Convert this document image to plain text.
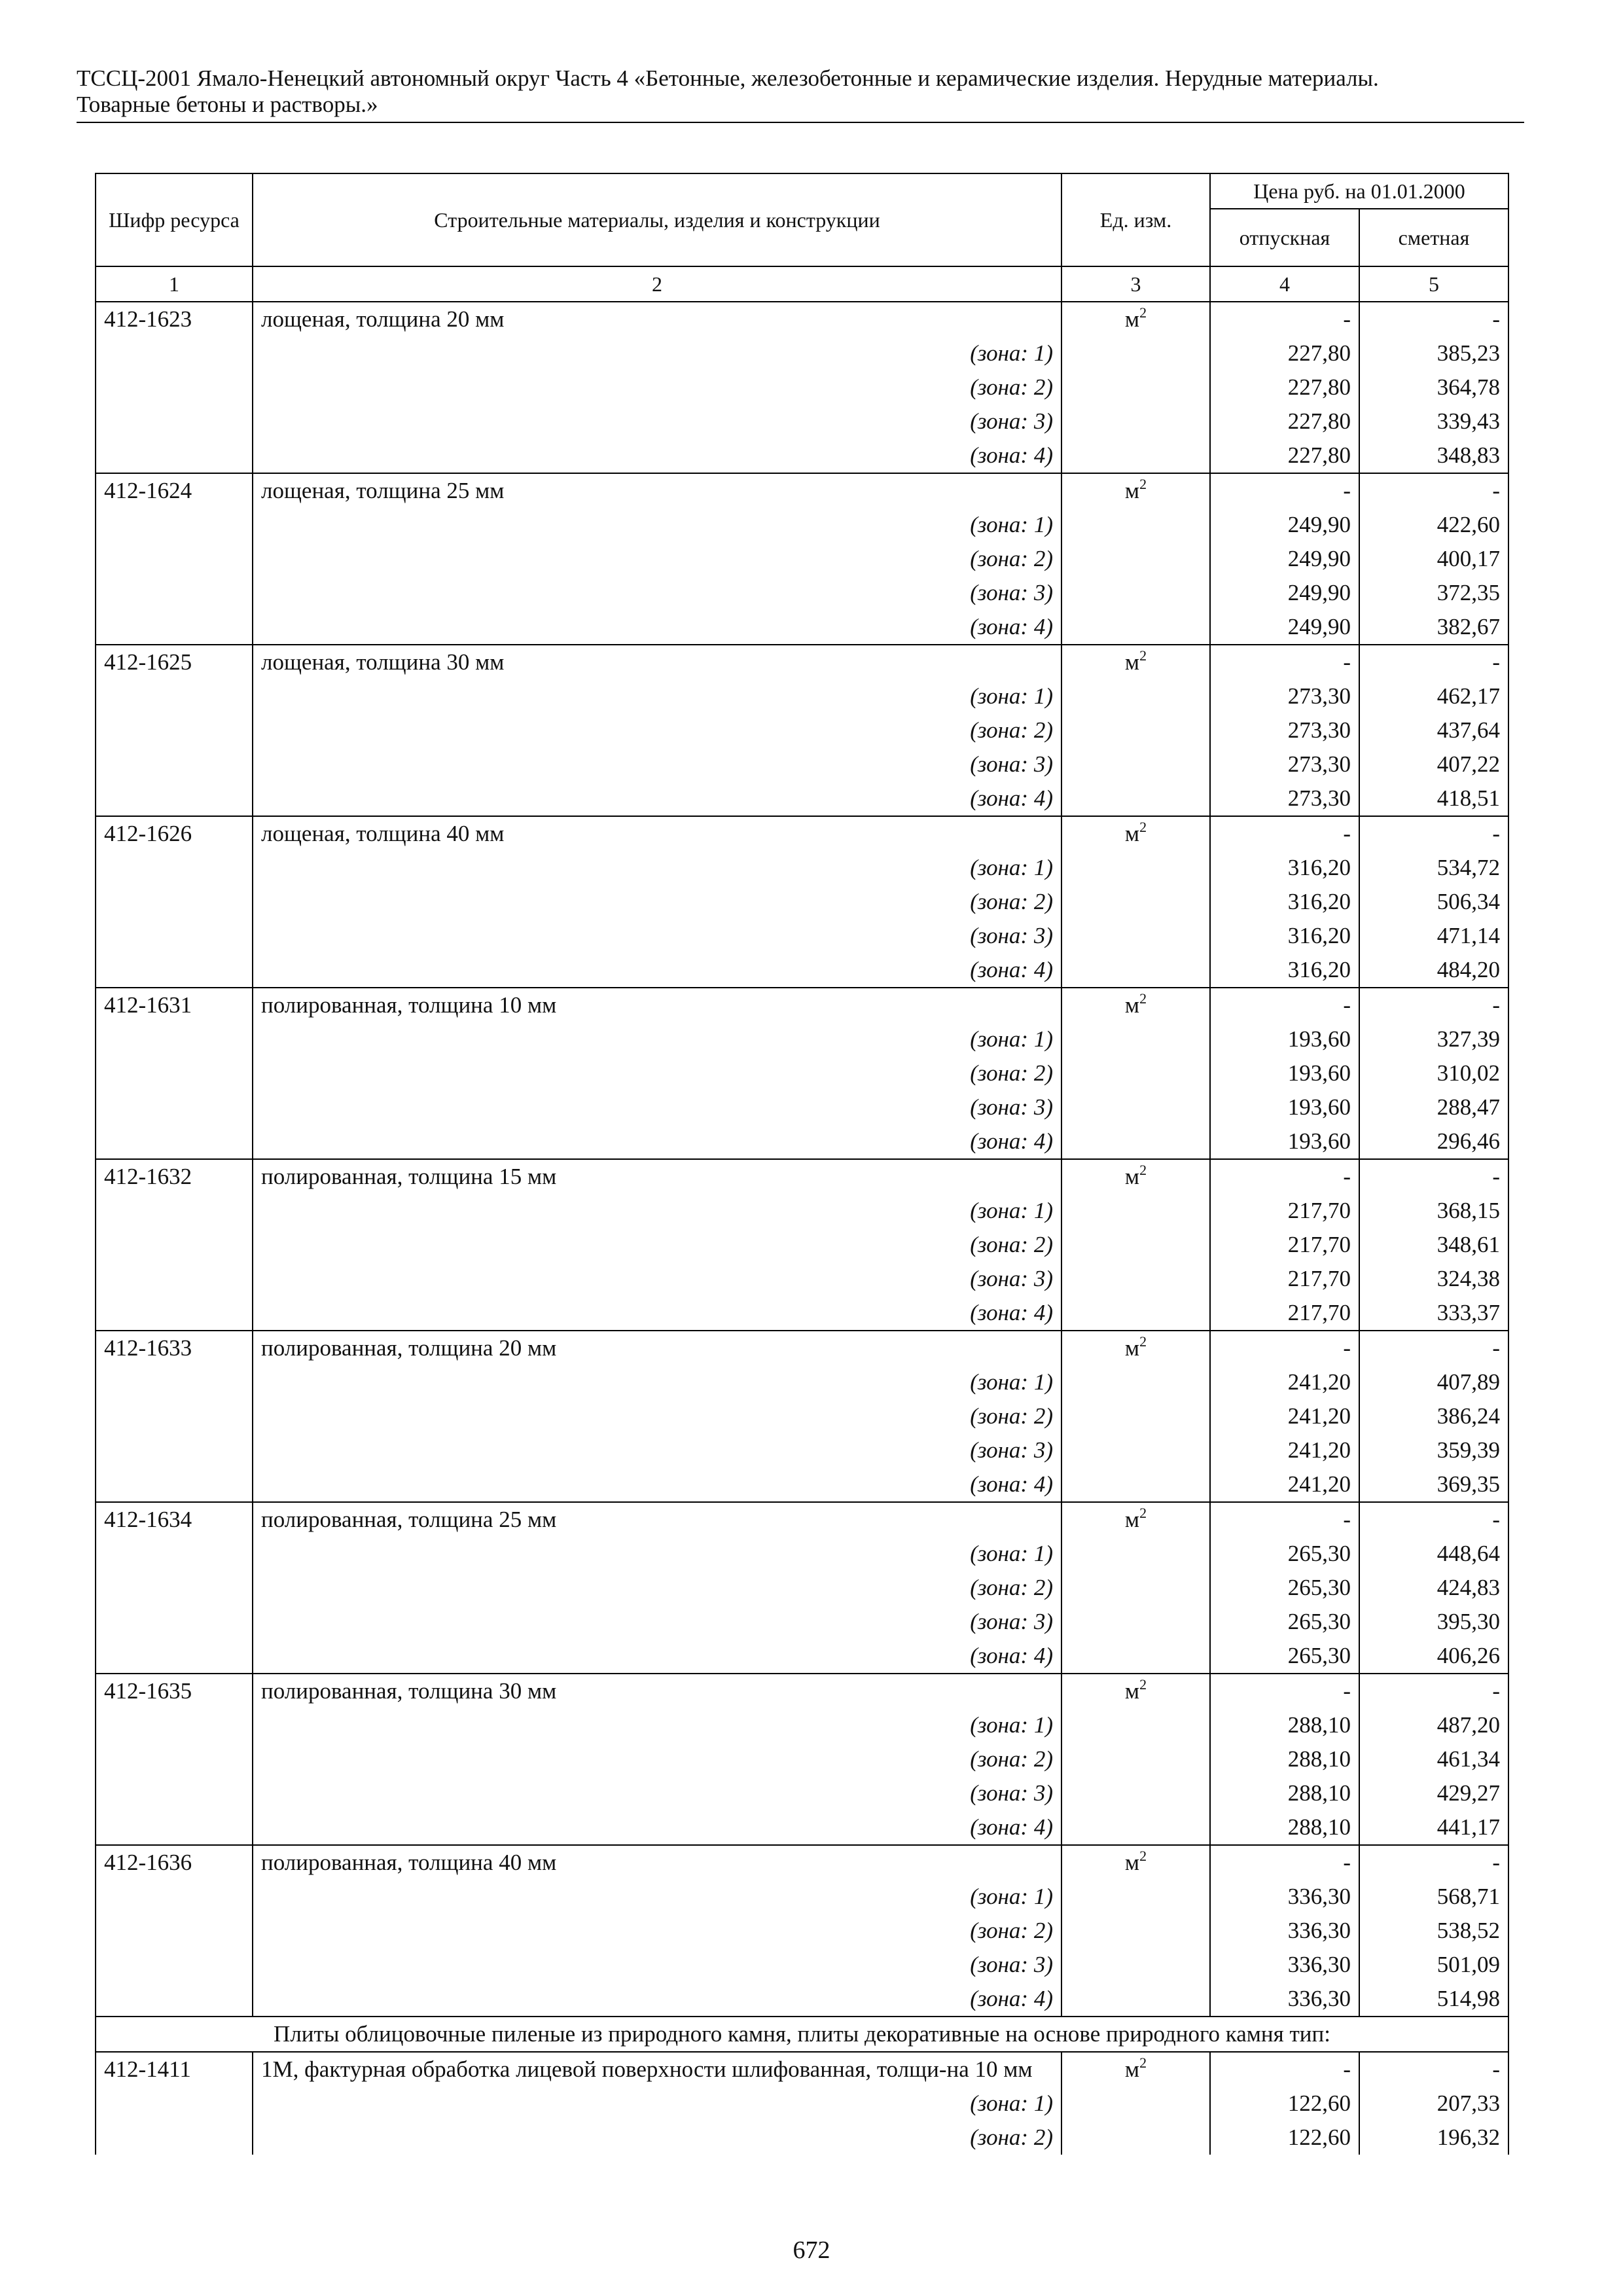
ТССЦ-2001 Ямало-Ненецкий автономный округ Часть 4 «Бетонные, железобетонные и керамические изделия. Нерудные материалы.
Товарные бетоны и растворы.»
Шифр ресурса	Строительные материалы, изделия и конструкции	Ед. изм.	Цена руб. на 01.01.2000	
			отпускная	сметная
1	2	3	4	5
412-1623	лощеная, толщина 20 мм	$м^2$	-	-
	(зона: 1)		227,80	385,23
	(зона: 2)		227,80	364,78
	(зона: 3)		227,80	339,43
	(зона: 4)		227,80	348,83
412-1624	лощеная, толщина 25 мм	$м^2$	-	-
	(зона: 1)		249,90	422,60
	(зона: 2)		249,90	400,17
	(зона: 3)		249,90	372,35
	(зона: 4)		249,90	382,67
412-1625	лощеная, толщина 30 мм	$м^2$	-	-
	(зона: 1)		273,30	462,17
	(зона: 2)		273,30	437,64
	(зона: 3)		273,30	407,22
	(зона: 4)		273,30	418,51
412-1626	лощеная, толщина 40 мм	$м^2$	-	-
	(зона: 1)		316,20	534,72
	(зона: 2)		316,20	506,34
	(зона: 3)		316,20	471,14
	(зона: 4)		316,20	484,20
412-1631	полированная, толщина 10 мм	$м^2$	-	-
	(зона: 1)		193,60	327,39
	(зона: 2)		193,60	310,02
	(зона: 3)		193,60	288,47
	(зона: 4)		193,60	296,46
412-1632	полированная, толщина 15 мм	$м^2$	-	-
	(зона: 1)		217,70	368,15
	(зона: 2)		217,70	348,61
	(зона: 3)		217,70	324,38
	(зона: 4)		217,70	333,37
412-1633	полированная, толщина 20 мм	$м^2$	-	-
	(зона: 1)		241,20	407,89
	(зона: 2)		241,20	386,24
	(зона: 3)		241,20	359,39
	(зона: 4)		241,20	369,35
412-1634	полированная, толщина 25 мм	$м^2$	-	-
	(зона: 1)		265,30	448,64
	(зона: 2)		265,30	424,83
	(зона: 3)		265,30	395,30
	(зона: 4)		265,30	406,26
412-1635	полированная, толщина 30 мм	$м^2$	-	-
	(зона: 1)		288,10	487,20
	(зона: 2)		288,10	461,34
	(зона: 3)		288,10	429,27
	(зона: 4)		288,10	441,17
412-1636	полированная, толщина 40 мм	$м^2$	-	-
	(зона: 1)		336,30	568,71
	(зона: 2)		336,30	538,52
	(зона: 3)		336,30	501,09
	(зона: 4)		336,30	514,98
Плиты облицовочные пиленые из природного камня, плиты декоративные на основе природного камня тип:				
412-1411	1М, фактурная обработка лицевой поверхности шлифованная, толщи-на 10 мм	$м^2$	-	-
	(зона: 1)		122,60	207,33
	(зона: 2)		122,60	196,32
672
